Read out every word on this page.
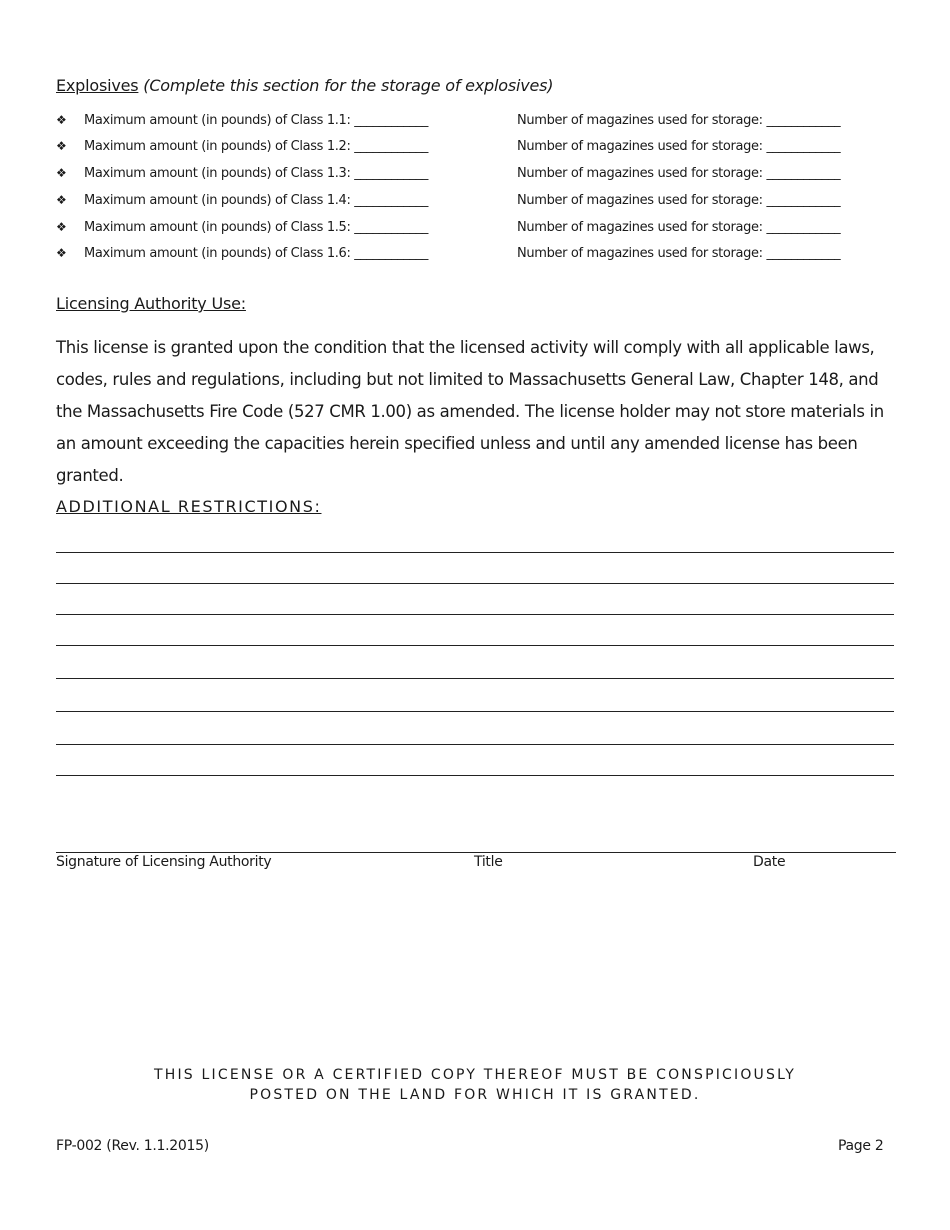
Explosives (Complete this section for the storage of explosives)
❖ Maximum amount (in pounds) of Class 1.1: ____________	Number of magazines used for storage: ____________
❖ Maximum amount (in pounds) of Class 1.2: ____________	Number of magazines used for storage: ____________
❖ Maximum amount (in pounds) of Class 1.3: ____________	Number of magazines used for storage: ____________
❖ Maximum amount (in pounds) of Class 1.4: ____________	Number of magazines used for storage: ____________
❖ Maximum amount (in pounds) of Class 1.5: ____________	Number of magazines used for storage: ____________
❖ Maximum amount (in pounds) of Class 1.6: ____________	Number of magazines used for storage: ____________
Licensing Authority Use:
This license is granted upon the condition that the licensed activity will comply with all applicable laws, codes, rules and regulations, including but not limited to Massachusetts General Law, Chapter 148, and the Massachusetts Fire Code (527 CMR 1.00) as amended. The license holder may not store materials in an amount exceeding the capacities herein specified unless and until any amended license has been granted.
ADDITIONAL RESTRICTIONS:
Signature of Licensing Authority	Title	Date
THIS LICENSE OR A CERTIFIED COPY THEREOF MUST BE CONSPICIOUSLY
POSTED ON THE LAND FOR WHICH IT IS GRANTED.
FP-002 (Rev. 1.1.2015)	Page 2
